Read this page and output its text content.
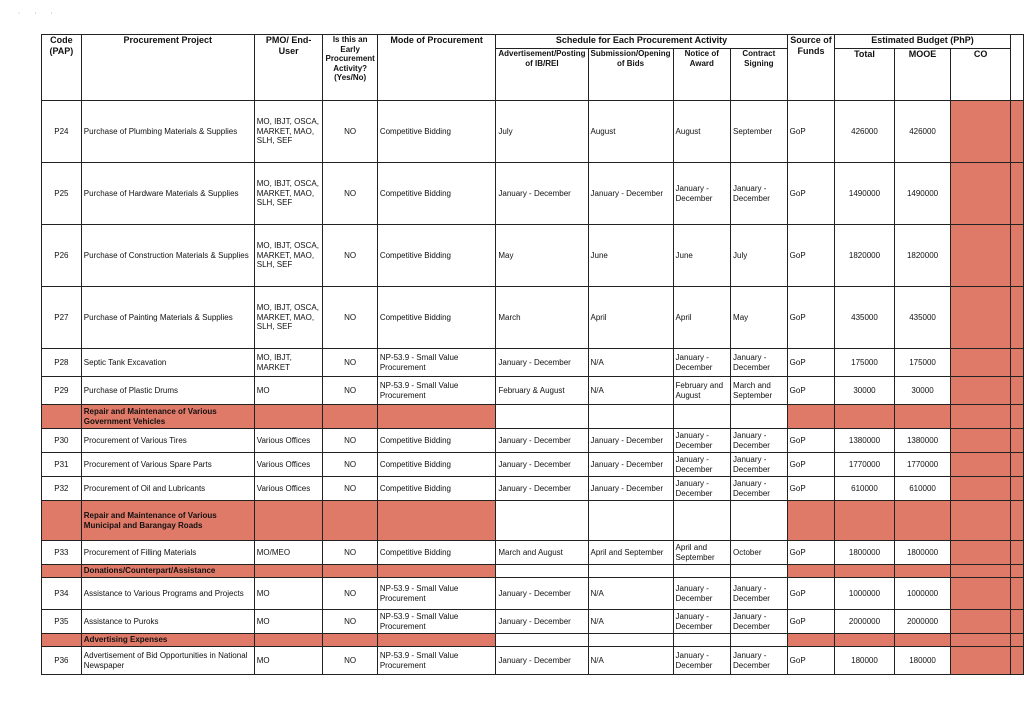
· · ·
Code (PAP)	Procurement Project	PMO/ End-User	Is this an Early Procurement Activity? (Yes/No)	Mode of Procurement	Schedule for Each Procurement Activity				Source of Funds	Estimated Budget (PhP)			
					Advertisement/Posting of IB/REI	Submission/Opening of Bids	Notice of Award	Contract Signing		Total	MOOE	CO	
P24	Purchase of Plumbing Materials & Supplies	MO, IBJT, OSCA, MARKET, MAO, SLH, SEF	NO	Competitive Bidding	July	August	August	September	GoP	426000	426000		
P25	Purchase of Hardware Materials & Supplies	MO, IBJT, OSCA, MARKET, MAO, SLH, SEF	NO	Competitive Bidding	January - December	January - December	January - December	January - December	GoP	1490000	1490000		
P26	Purchase of Construction Materials & Supplies	MO, IBJT, OSCA, MARKET, MAO, SLH, SEF	NO	Competitive Bidding	May	June	June	July	GoP	1820000	1820000		
P27	Purchase of Painting Materials & Supplies	MO, IBJT, OSCA, MARKET, MAO, SLH, SEF	NO	Competitive Bidding	March	April	April	May	GoP	435000	435000		
P28	Septic Tank Excavation	MO, IBJT, MARKET	NO	NP-53.9 - Small Value Procurement	January - December	N/A	January - December	January - December	GoP	175000	175000		
P29	Purchase of Plastic Drums	MO	NO	NP-53.9 - Small Value Procurement	February & August	N/A	February and August	March and September	GoP	30000	30000		
	Repair and Maintenance of Various Government Vehicles												
P30	Procurement of Various Tires	Various Offices	NO	Competitive Bidding	January - December	January - December	January - December	January - December	GoP	1380000	1380000		
P31	Procurement of Various Spare Parts	Various Offices	NO	Competitive Bidding	January - December	January - December	January - December	January - December	GoP	1770000	1770000		
P32	Procurement of Oil and Lubricants	Various Offices	NO	Competitive Bidding	January - December	January - December	January - December	January - December	GoP	610000	610000		
	Repair and Maintenance of Various Municipal and Barangay Roads												
P33	Procurement of Filling Materials	MO/MEO	NO	Competitive Bidding	March and August	April and September	April and September	October	GoP	1800000	1800000		
	Donations/Counterpart/Assistance												
P34	Assistance to Various Programs and Projects	MO	NO	NP-53.9 - Small Value Procurement	January - December	N/A	January - December	January - December	GoP	1000000	1000000		
P35	Assistance to Puroks	MO	NO	NP-53.9 - Small Value Procurement	January - December	N/A	January - December	January - December	GoP	2000000	2000000		
	Advertising Expenses												
P36	Advertisement of Bid Opportunities in National Newspaper	MO	NO	NP-53.9 - Small Value Procurement	January - December	N/A	January - December	January - December	GoP	180000	180000		
